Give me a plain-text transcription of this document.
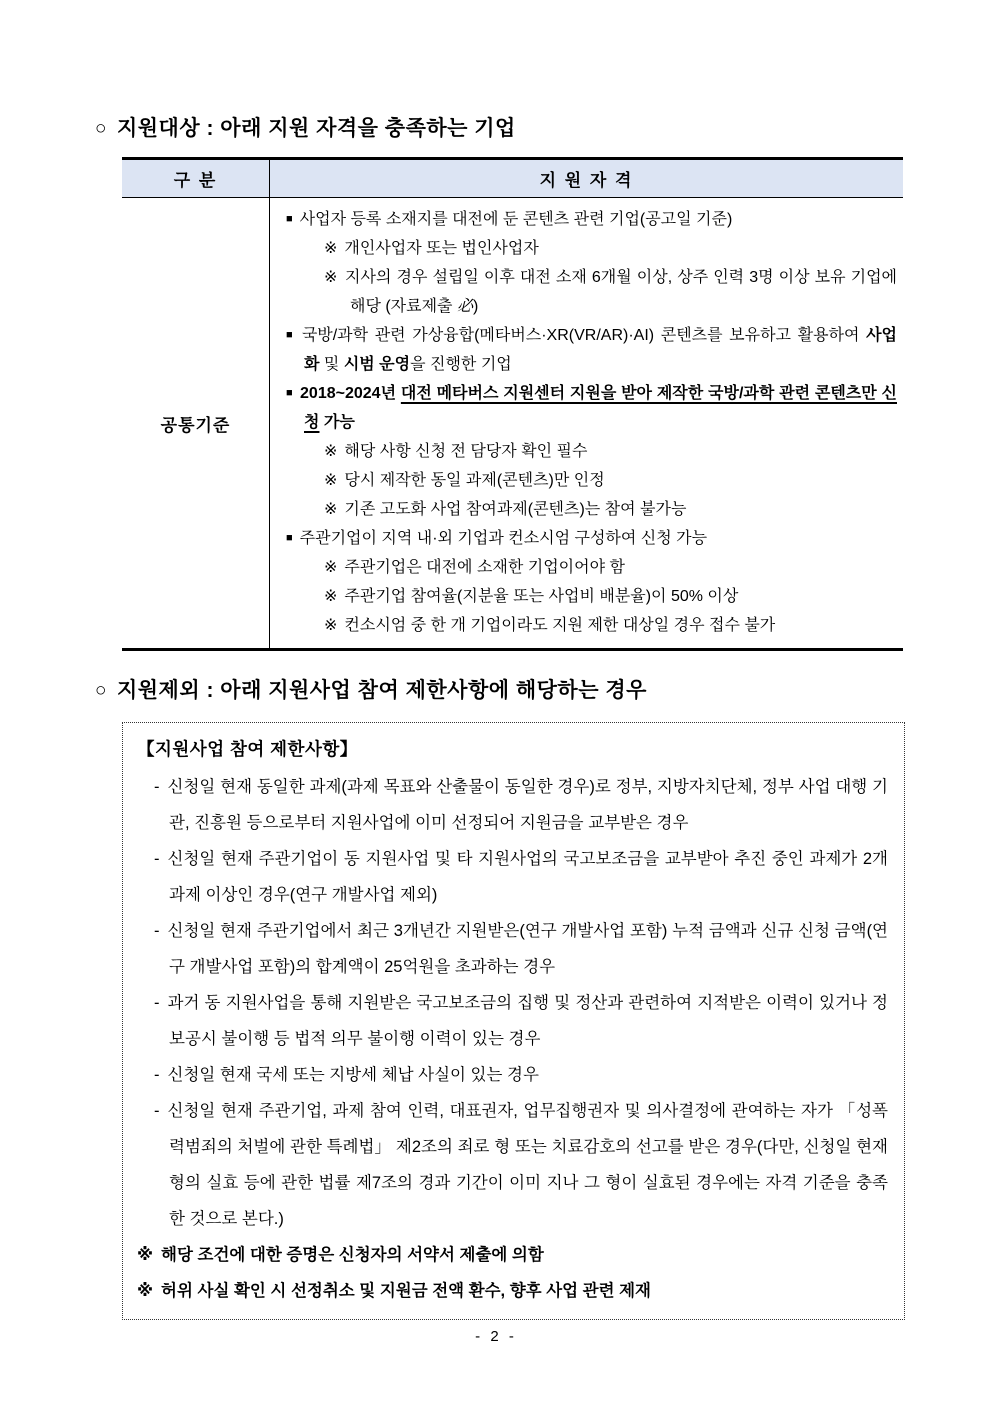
○ 지원대상 : 아래 지원 자격을 충족하는 기업
구 분	지 원 자 격
공통기준

■ 사업자 등록 소재지를 대전에 둔 콘텐츠 관련 기업(공고일 기준)

※ 개인사업자 또는 법인사업자

※ 지사의 경우 설립일 이후 대전 소재 6개월 이상, 상주 인력 3명 이상 보유 기업에 해당 (자료제출 必)

■ 국방/과학 관련 가상융합(메타버스·XR(VR/AR)·AI) 콘텐츠를 보유하고 활용하여 사업화 및 시범 운영을 진행한 기업

■ 2018~2024년 대전 메타버스 지원센터 지원을 받아 제작한 국방/과학 관련 콘텐츠만 신청 가능

※ 해당 사항 신청 전 담당자 확인 필수

※ 당시 제작한 동일 과제(콘텐츠)만 인정

※ 기존 고도화 사업 참여과제(콘텐츠)는 참여 불가능

■ 주관기업이 지역 내·외 기업과 컨소시엄 구성하여 신청 가능

※ 주관기업은 대전에 소재한 기업이어야 함

※ 주관기업 참여율(지분율 또는 사업비 배분율)이 50% 이상

※ 컨소시엄 중 한 개 기업이라도 지원 제한 대상일 경우 접수 불가

○ 지원제외 : 아래 지원사업 참여 제한사항에 해당하는 경우

【지원사업 참여 제한사항】

- 신청일 현재 동일한 과제(과제 목표와 산출물이 동일한 경우)로 정부, 지방자치단체, 정부 사업 대행 기관, 진흥원 등으로부터 지원사업에 이미 선정되어 지원금을 교부받은 경우

- 신청일 현재 주관기업이 동 지원사업 및 타 지원사업의 국고보조금을 교부받아 추진 중인 과제가 2개 과제 이상인 경우(연구 개발사업 제외)

- 신청일 현재 주관기업에서 최근 3개년간 지원받은(연구 개발사업 포함) 누적 금액과 신규 신청 금액(연구 개발사업 포함)의 합계액이 25억원을 초과하는 경우

- 과거 동 지원사업을 통해 지원받은 국고보조금의 집행 및 정산과 관련하여 지적받은 이력이 있거나 정보공시 불이행 등 법적 의무 불이행 이력이 있는 경우

- 신청일 현재 국세 또는 지방세 체납 사실이 있는 경우

- 신청일 현재 주관기업, 과제 참여 인력, 대표권자, 업무집행권자 및 의사결정에 관여하는 자가 「성폭력범죄의 처벌에 관한 특례법」 제2조의 죄로 형 또는 치료감호의 선고를 받은 경우(다만, 신청일 현재 형의 실효 등에 관한 법률 제7조의 경과 기간이 이미 지나 그 형이 실효된 경우에는 자격 기준을 충족한 것으로 본다.)

※ 해당 조건에 대한 증명은 신청자의 서약서 제출에 의함

※ 허위 사실 확인 시 선정취소 및 지원금 전액 환수, 향후 사업 관련 제재

- 2 -
